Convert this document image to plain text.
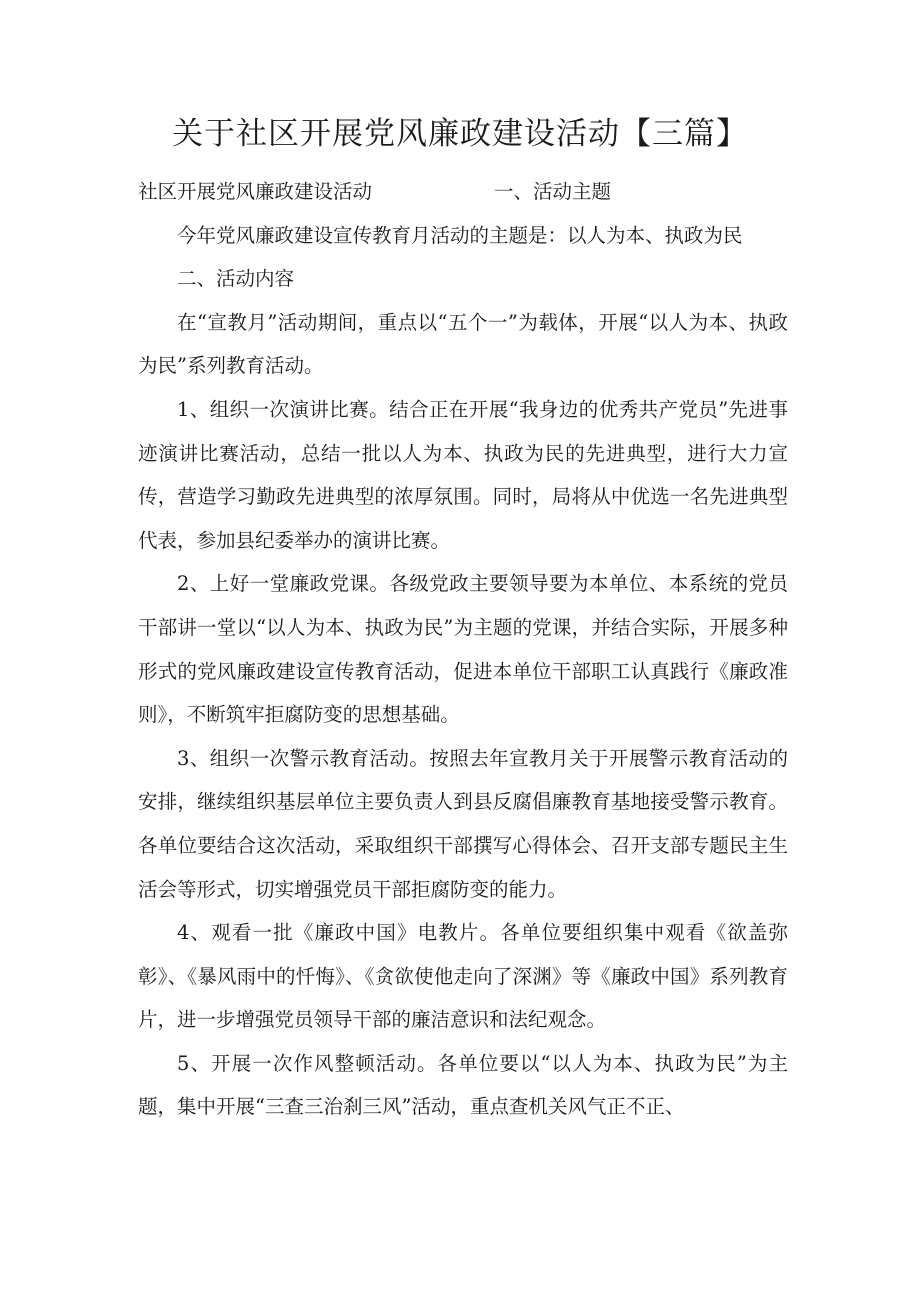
关于社区开展党风廉政建设活动【三篇】
社区开展党风廉政建设活动	一、活动主题

今年党风廉政建设宣传教育月活动的主题是：以人为本、执政为民

二、活动内容

在“宣教月”活动期间，重点以“五个一”为载体，开展“以人为本、执政为民”系列教育活动。

1、组织一次演讲比赛。结合正在开展“我身边的优秀共产党员”先进事迹演讲比赛活动，总结一批以人为本、执政为民的先进典型，进行大力宣传，营造学习勤政先进典型的浓厚氛围。同时，局将从中优选一名先进典型代表，参加县纪委举办的演讲比赛。

2、上好一堂廉政党课。各级党政主要领导要为本单位、本系统的党员干部讲一堂以“以人为本、执政为民”为主题的党课，并结合实际，开展多种形式的党风廉政建设宣传教育活动，促进本单位干部职工认真践行《廉政准则》，不断筑牢拒腐防变的思想基础。

3、组织一次警示教育活动。按照去年宣教月关于开展警示教育活动的安排，继续组织基层单位主要负责人到县反腐倡廉教育基地接受警示教育。各单位要结合这次活动，采取组织干部撰写心得体会、召开支部专题民主生活会等形式，切实增强党员干部拒腐防变的能力。

4、观看一批《廉政中国》电教片。各单位要组织集中观看《欲盖弥彰》、《暴风雨中的忏悔》、《贪欲使他走向了深渊》等《廉政中国》系列教育片，进一步增强党员领导干部的廉洁意识和法纪观念。

5、开展一次作风整顿活动。各单位要以“以人为本、执政为民”为主题，集中开展“三查三治刹三风”活动，重点查机关风气正不正、
